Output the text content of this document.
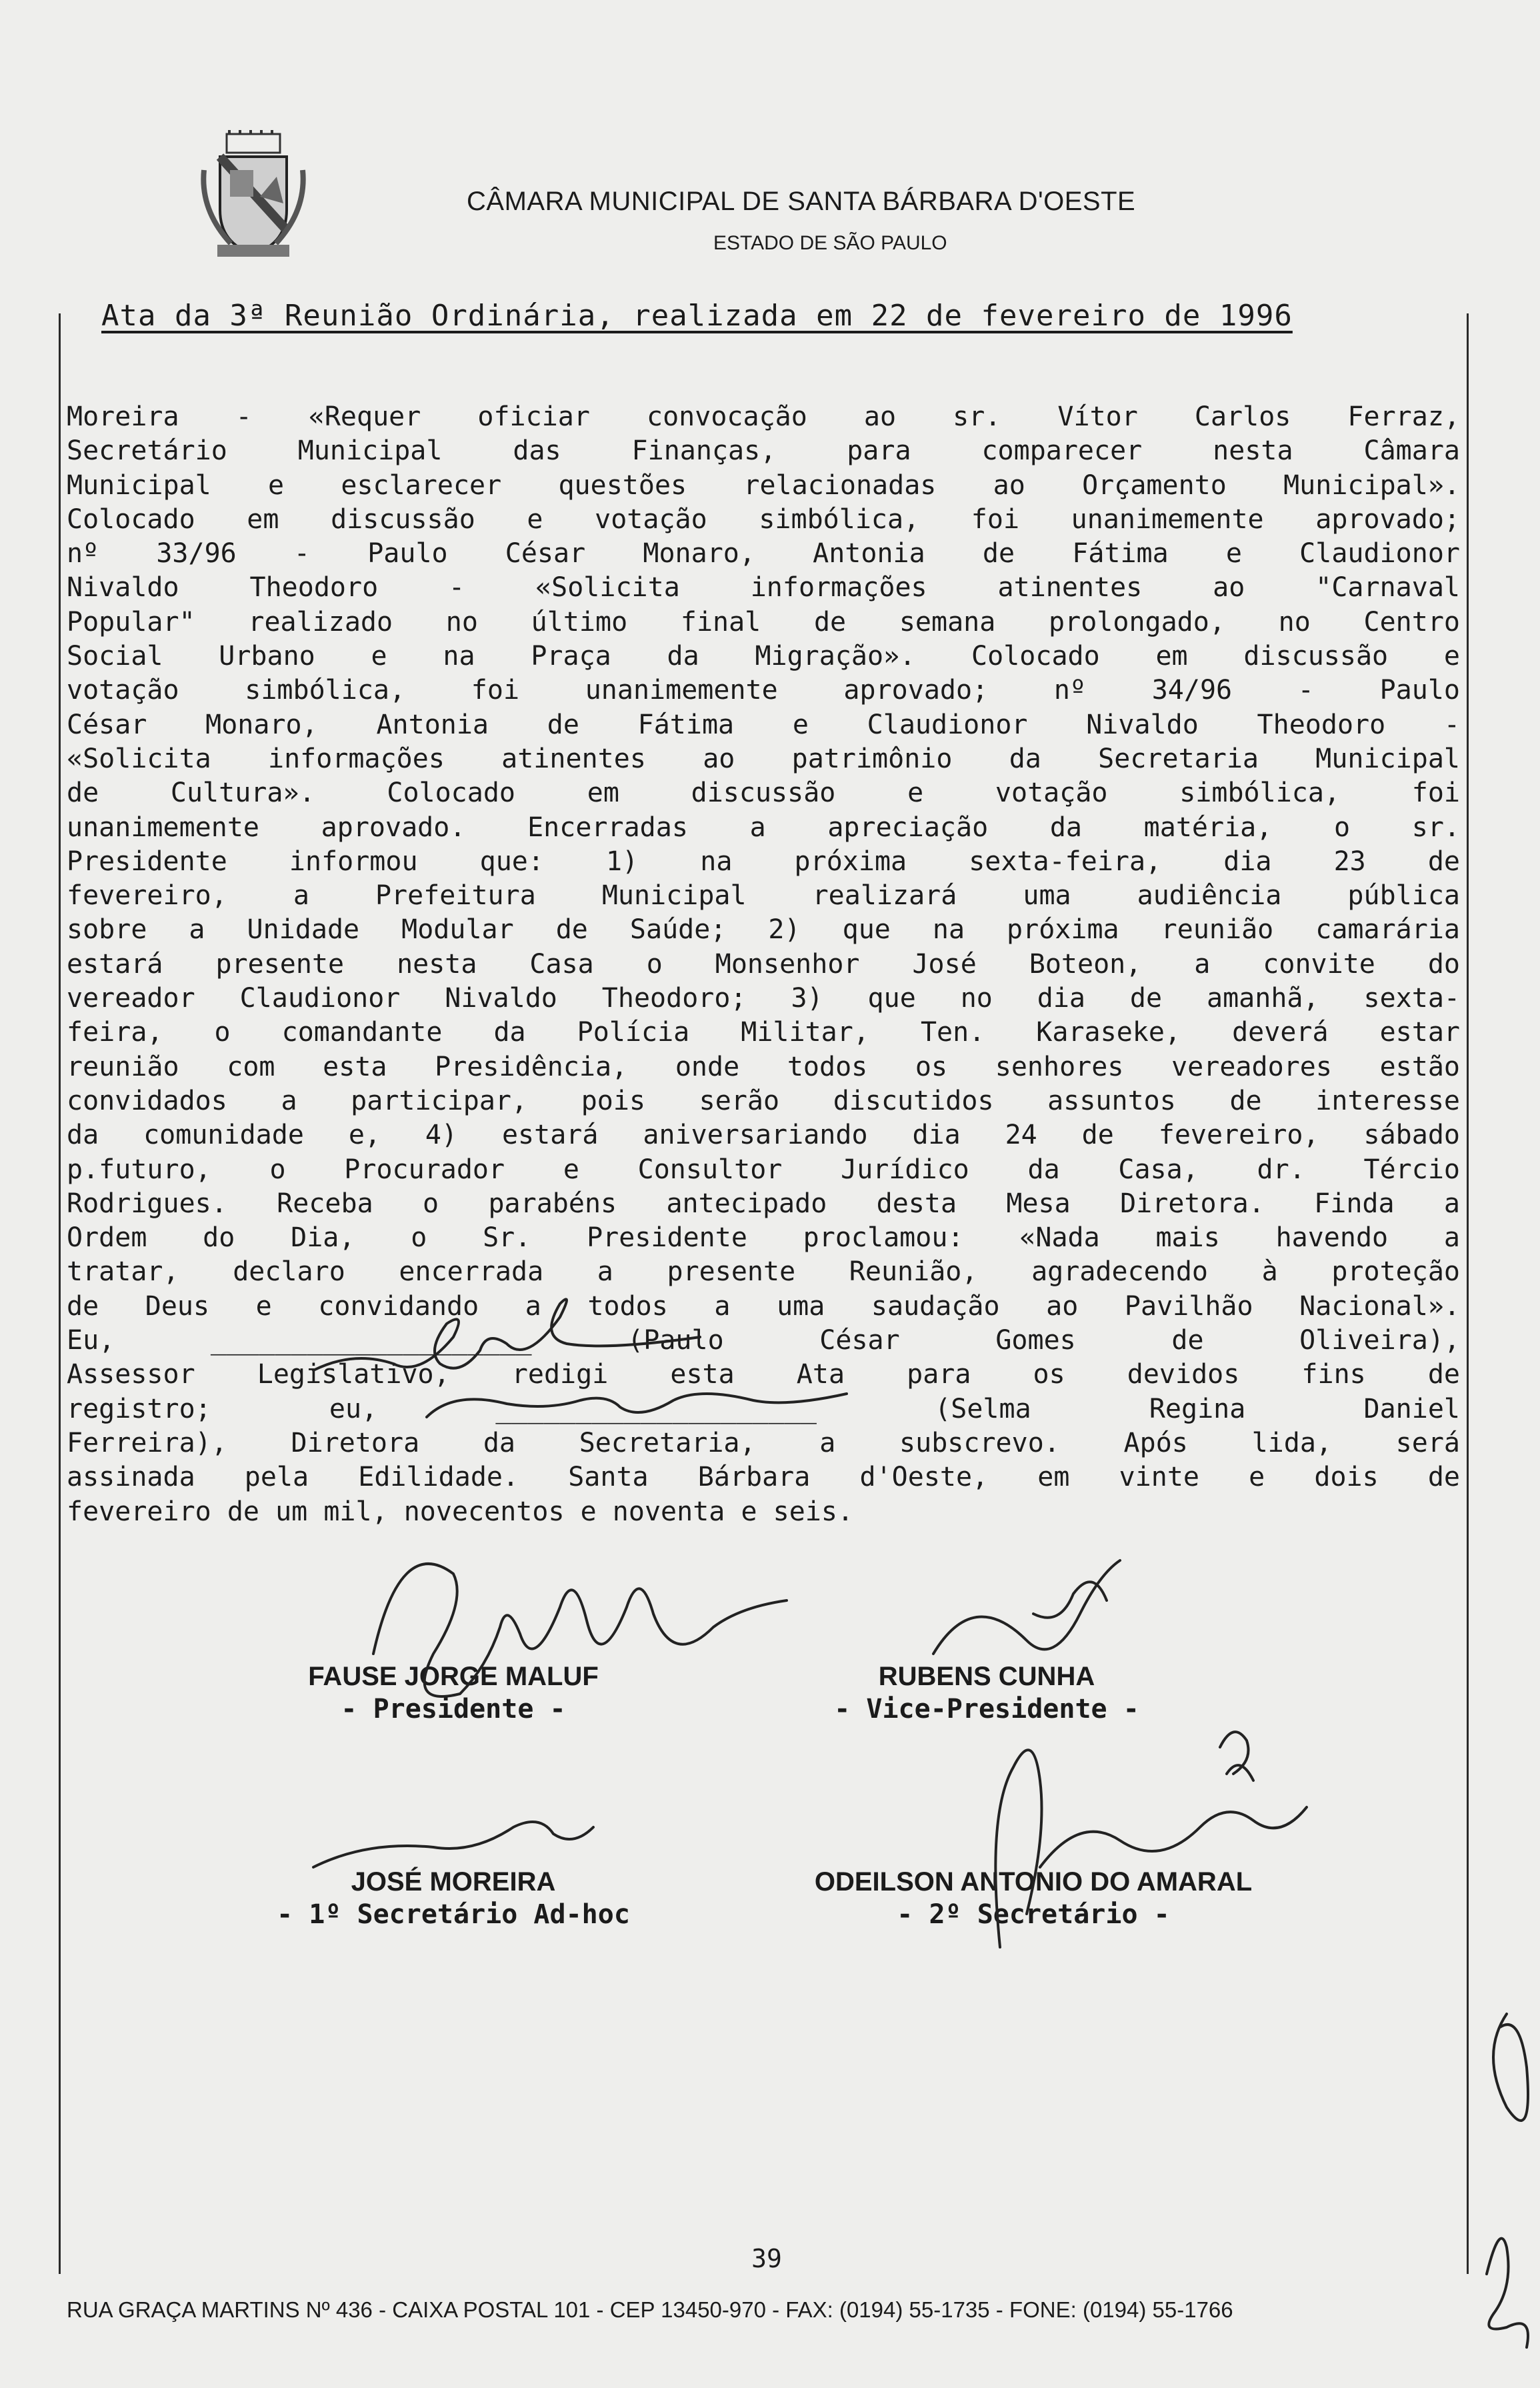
CÂMARA MUNICIPAL DE SANTA BÁRBARA D'OESTE
ESTADO DE SÃO PAULO
Ata da 3ª Reunião Ordinária, realizada em 22 de fevereiro de 1996
Moreira - «Requer oficiar convocação ao sr. Vítor Carlos Ferraz,
Secretário Municipal das Finanças, para comparecer nesta Câmara
Municipal e esclarecer questões relacionadas ao Orçamento Municipal».
Colocado em discussão e votação simbólica, foi unanimemente aprovado;
nº 33/96 - Paulo César Monaro, Antonia de Fátima e Claudionor
Nivaldo Theodoro - «Solicita informações atinentes ao "Carnaval
Popular" realizado no último final de semana prolongado, no Centro
Social Urbano e na Praça da Migração». Colocado em discussão e
votação simbólica, foi unanimemente aprovado; nº 34/96 - Paulo
César Monaro, Antonia de Fátima e Claudionor Nivaldo Theodoro -
«Solicita informações atinentes ao patrimônio da Secretaria Municipal
de Cultura». Colocado em discussão e votação simbólica, foi
unanimemente aprovado. Encerradas a apreciação da matéria, o sr.
Presidente informou que: 1) na próxima sexta-feira, dia 23 de
fevereiro, a Prefeitura Municipal realizará uma audiência pública
sobre a Unidade Modular de Saúde; 2) que na próxima reunião camarária
estará presente nesta Casa o Monsenhor José Boteon, a convite do
vereador Claudionor Nivaldo Theodoro; 3) que no dia de amanhã, sexta-
feira, o comandante da Polícia Militar, Ten. Karaseke, deverá estar
reunião com esta Presidência, onde todos os senhores vereadores estão
convidados a participar, pois serão discutidos assuntos de interesse
da comunidade e, 4) estará aniversariando dia 24 de fevereiro, sábado
p.futuro, o Procurador e Consultor Jurídico da Casa, dr. Tércio
Rodrigues. Receba o parabéns antecipado desta Mesa Diretora. Finda a
Ordem do Dia, o Sr. Presidente proclamou: «Nada mais havendo a
tratar, declaro encerrada a presente Reunião, agradecendo à proteção
de Deus e convidando a todos a uma saudação ao Pavilhão Nacional».
Eu, ____________________ (Paulo César Gomes de Oliveira),
Assessor Legislativo, redigi esta Ata para os devidos fins de
registro; eu, ____________________ (Selma Regina Daniel
Ferreira), Diretora da Secretaria, a subscrevo. Após lida, será
assinada pela Edilidade. Santa Bárbara d'Oeste, em vinte e dois de
fevereiro de um mil, novecentos e noventa e seis.
FAUSE JORGE MALUF
- Presidente -
RUBENS CUNHA
- Vice-Presidente -
JOSÉ MOREIRA
- 1º Secretário Ad-hoc
ODEILSON ANTONIO DO AMARAL
- 2º Secretário -
39
RUA GRAÇA MARTINS Nº 436 - CAIXA POSTAL 101 - CEP 13450-970 - FAX: (0194) 55-1735 - FONE: (0194) 55-1766
